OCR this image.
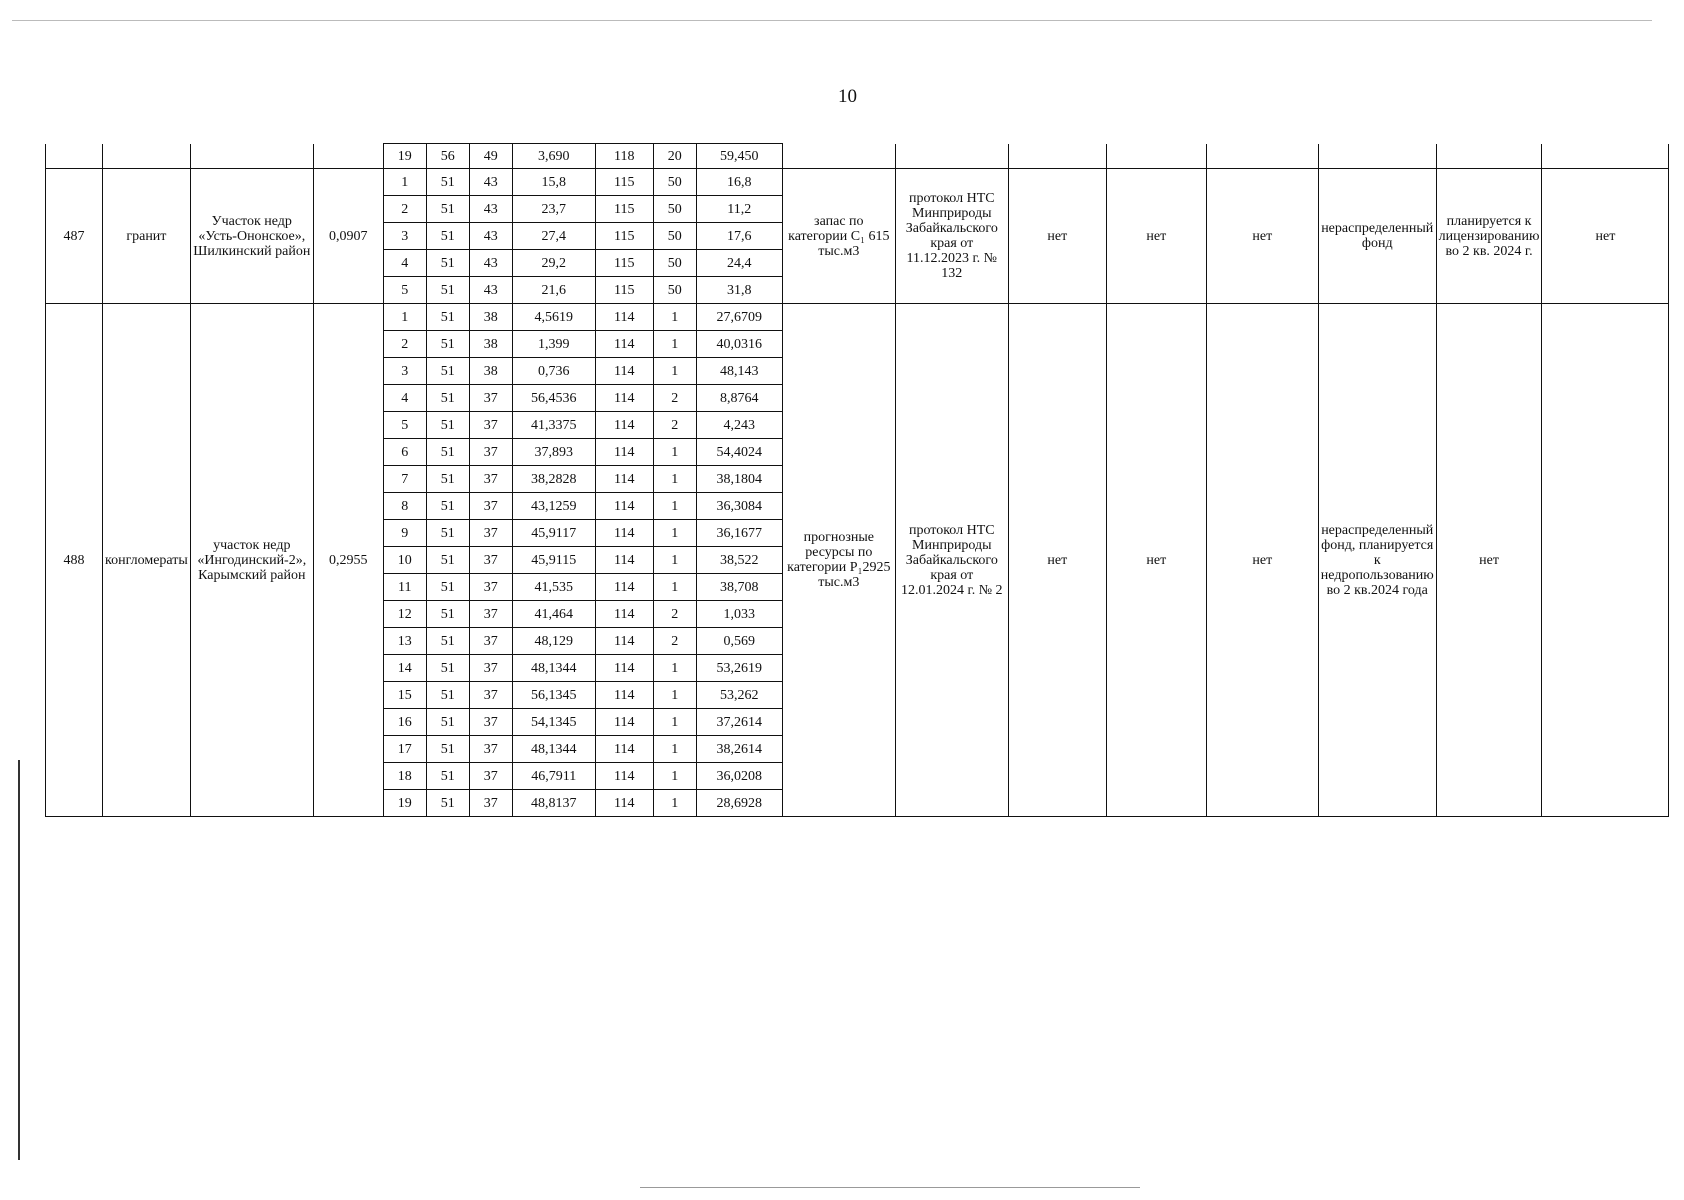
10
				19	56	49	3,690	118	20	59,450								
487	гранит	Участок недр «Усть-Ононское», Шилкинский район	0,0907	1	51	43	15,8	115	50	16,8	запас по категории C₁ 615 тыс.м3	протокол НТС Минприроды Забайкальского края от 11.12.2023 г. № 132	нет	нет	нет	нераспределенный фонд	планируется к лицензированию во 2 кв. 2024 г.	нет
				2	51	43	23,7	115	50	11,2								
				3	51	43	27,4	115	50	17,6								
				4	51	43	29,2	115	50	24,4								
				5	51	43	21,6	115	50	31,8								
488	конгломераты	участок недр «Ингодинский-2», Карымский район	0,2955	1	51	38	4,5619	114	1	27,6709	прогнозные ресурсы по категории P₁2925 тыс.м3	протокол НТС Минприроды Забайкальского края от 12.01.2024 г. № 2	нет	нет	нет	нераспределенный фонд, планируется к недропользованию во 2 кв.2024 года	нет	
				2	51	38	1,399	114	1	40,0316								
				3	51	38	0,736	114	1	48,143								
				4	51	37	56,4536	114	2	8,8764								
				5	51	37	41,3375	114	2	4,243								
				6	51	37	37,893	114	1	54,4024								
				7	51	37	38,2828	114	1	38,1804								
				8	51	37	43,1259	114	1	36,3084								
				9	51	37	45,9117	114	1	36,1677								
				10	51	37	45,9115	114	1	38,522								
				11	51	37	41,535	114	1	38,708								
				12	51	37	41,464	114	2	1,033								
				13	51	37	48,129	114	2	0,569								
				14	51	37	48,1344	114	1	53,2619								
				15	51	37	56,1345	114	1	53,262								
				16	51	37	54,1345	114	1	37,2614								
				17	51	37	48,1344	114	1	38,2614								
				18	51	37	46,7911	114	1	36,0208								
				19	51	37	48,8137	114	1	28,6928								
